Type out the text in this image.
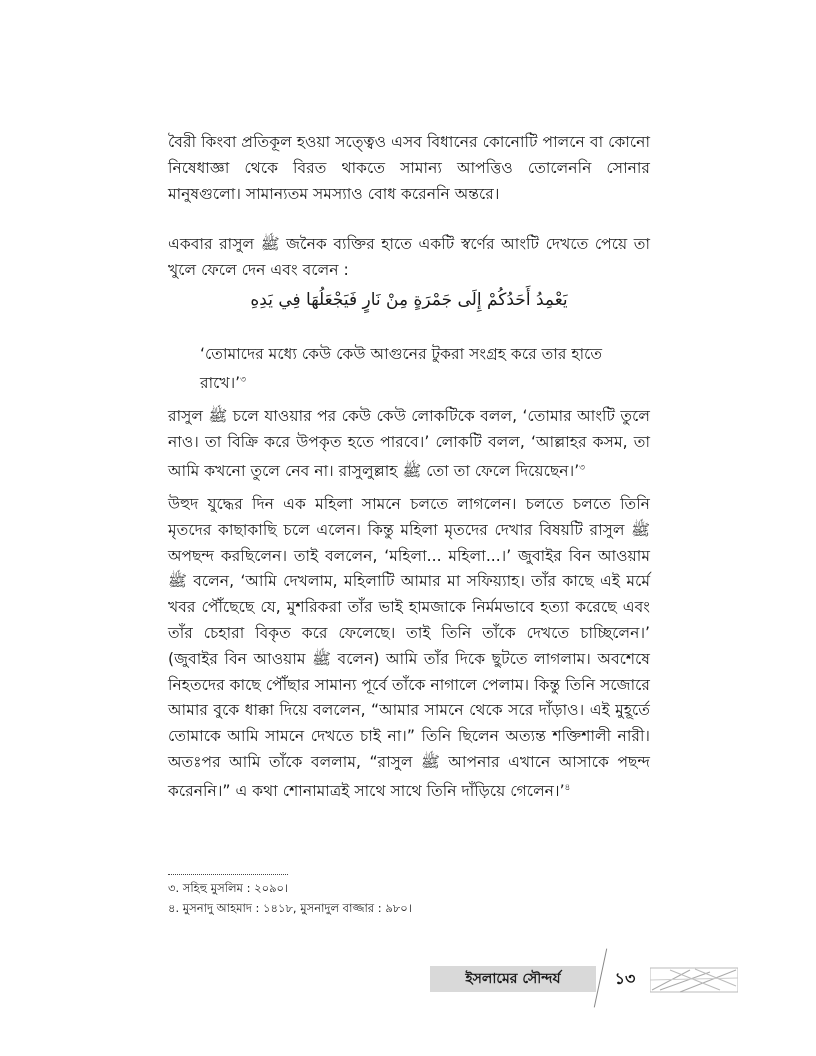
বৈরী কিংবা প্রতিকূল হওয়া সত্ত্বেও এসব বিধানের কোনোটি পালনে বা কোনো নিষেধাজ্ঞা থেকে বিরত থাকতে সামান্য আপত্তিও তোলেননি সোনার মানুষগুলো। সামান্যতম সমস্যাও বোধ করেননি অন্তরে।

একবার রাসুল ﷺ জনৈক ব্যক্তির হাতে একটি স্বর্ণের আংটি দেখতে পেয়ে তা খুলে ফেলে দেন এবং বলেন :

يَعْمِدُ أَحَدُكُمْ إِلَى جَمْرَةٍ مِنْ نَارٍ فَيَجْعَلُهَا فِي يَدِهِ

‘তোমাদের মধ্যে কেউ কেউ আগুনের টুকরা সংগ্রহ করে তার হাতে রাখে।’$^৩$

রাসুল ﷺ চলে যাওয়ার পর কেউ কেউ লোকটিকে বলল, ‘তোমার আংটি তুলে নাও। তা বিক্রি করে উপকৃত হতে পারবে।’ লোকটি বলল, ‘আল্লাহর কসম, তা আমি কখনো তুলে নেব না। রাসুলুল্লাহ ﷺ তো তা ফেলে দিয়েছেন।’$^৩$

উহুদ যুদ্ধের দিন এক মহিলা সামনে চলতে লাগলেন। চলতে চলতে তিনি মৃতদের কাছাকাছি চলে এলেন। কিন্তু মহিলা মৃতদের দেখার বিষয়টি রাসুল ﷺ অপছন্দ করছিলেন। তাই বললেন, ‘মহিলা... মহিলা...।’ জুবাইর বিন আওয়াম ﷺ বলেন, ‘আমি দেখলাম, মহিলাটি আমার মা সফিয়্যাহ। তাঁর কাছে এই মর্মে খবর পৌঁছেছে যে, মুশরিকরা তাঁর ভাই হামজাকে নির্মমভাবে হত্যা করেছে এবং তাঁর চেহারা বিকৃত করে ফেলেছে। তাই তিনি তাঁকে দেখতে চাচ্ছিলেন।’ (জুবাইর বিন আওয়াম ﷺ বলেন) আমি তাঁর দিকে ছুটতে লাগলাম। অবশেষে নিহতদের কাছে পৌঁছার সামান্য পূর্বে তাঁকে নাগালে পেলাম। কিন্তু তিনি সজোরে আমার বুকে ধাক্কা দিয়ে বললেন, “আমার সামনে থেকে সরে দাঁড়াও। এই মুহূর্তে তোমাকে আমি সামনে দেখতে চাই না।” তিনি ছিলেন অত্যন্ত শক্তিশালী নারী। অতঃপর আমি তাঁকে বললাম, “রাসুল ﷺ আপনার এখানে আসাকে পছন্দ করেননি।” এ কথা শোনামাত্রই সাথে সাথে তিনি দাঁড়িয়ে গেলেন।’$^৪$

৩. সহিহু মুসলিম : ২০৯০।

৪. মুসনাদু আহমাদ : ১৪১৮, মুসনাদুল বাজ্জার : ৯৮০।

ইসলামের সৌন্দর্য	১৩
